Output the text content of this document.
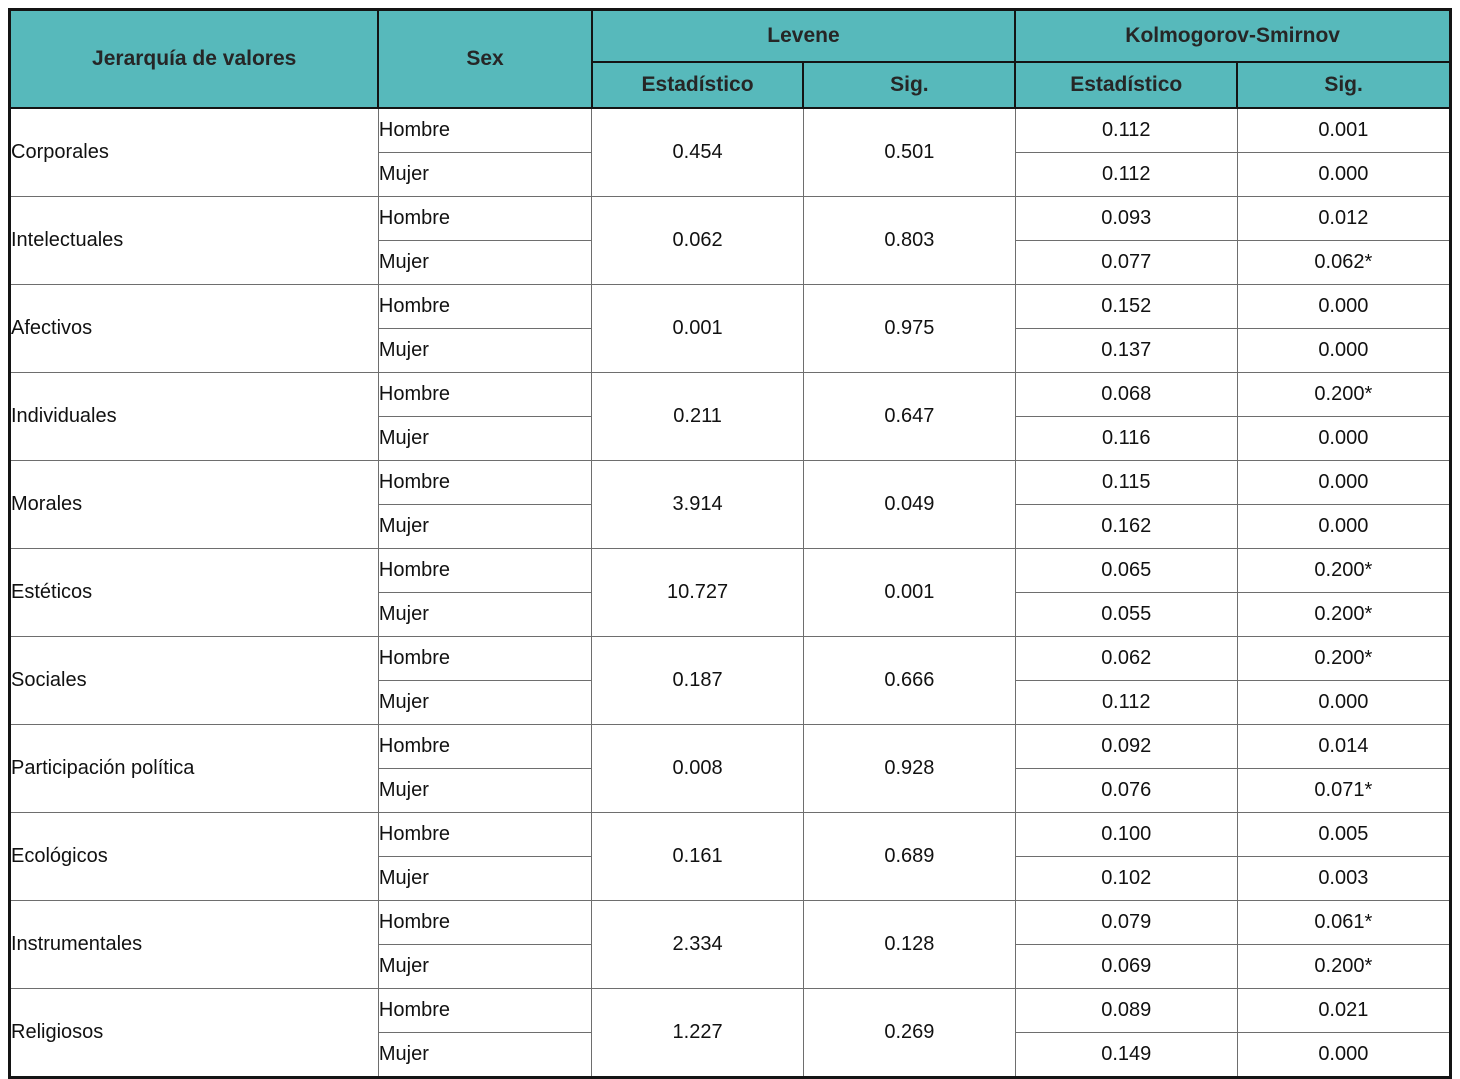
Jerarquía de valores	Sex	Levene		Kolmogorov-Smirnov	
		Estadístico	Sig.	Estadístico	Sig.
Corporales	Hombre	0.454	0.501	0.112	0.001
	Mujer			0.112	0.000
Intelectuales	Hombre	0.062	0.803	0.093	0.012
	Mujer			0.077	0.062*
Afectivos	Hombre	0.001	0.975	0.152	0.000
	Mujer			0.137	0.000
Individuales	Hombre	0.211	0.647	0.068	0.200*
	Mujer			0.116	0.000
Morales	Hombre	3.914	0.049	0.115	0.000
	Mujer			0.162	0.000
Estéticos	Hombre	10.727	0.001	0.065	0.200*
	Mujer			0.055	0.200*
Sociales	Hombre	0.187	0.666	0.062	0.200*
	Mujer			0.112	0.000
Participación política	Hombre	0.008	0.928	0.092	0.014
	Mujer			0.076	0.071*
Ecológicos	Hombre	0.161	0.689	0.100	0.005
	Mujer			0.102	0.003
Instrumentales	Hombre	2.334	0.128	0.079	0.061*
	Mujer			0.069	0.200*
Religiosos	Hombre	1.227	0.269	0.089	0.021
	Mujer			0.149	0.000
